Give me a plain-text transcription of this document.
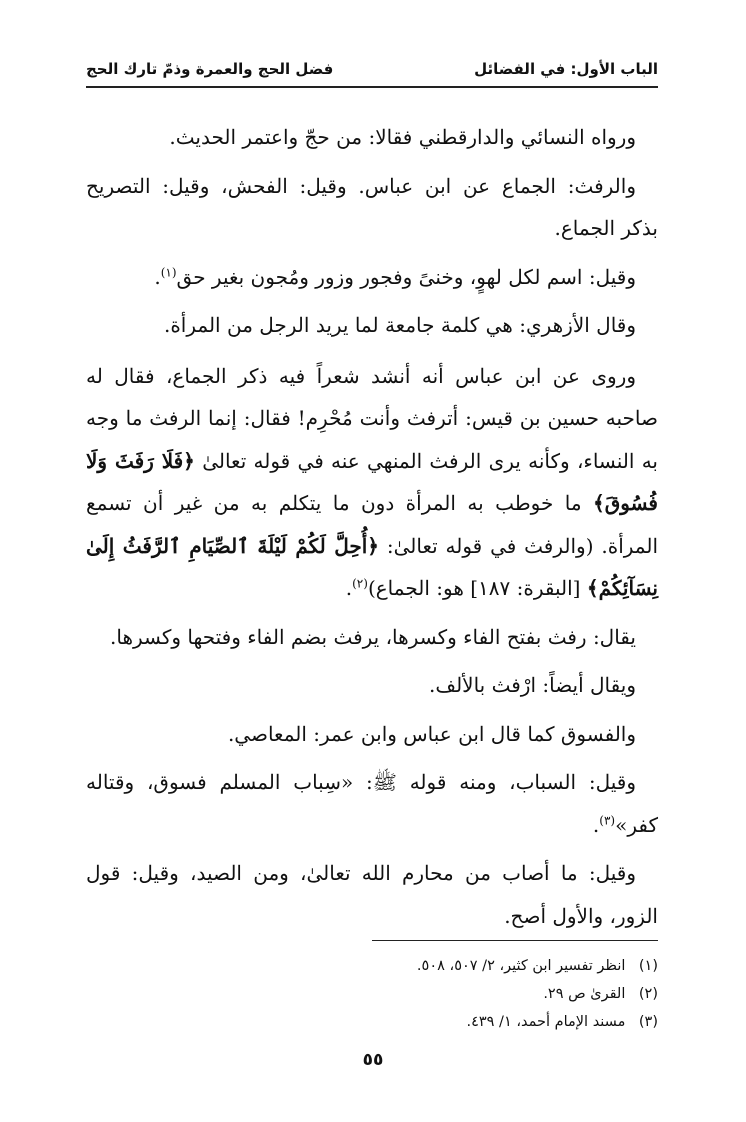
الباب الأول: في الفضائل
فضل الحج والعمرة وذمّ تارك الحج

ورواه النسائي والدارقطني فقالا: من حجّ واعتمر الحديث.

والرفث: الجماع عن ابن عباس. وقيل: الفحش، وقيل: التصريح بذكر الجماع.

وقيل: اسم لكل لهوٍ، وخنىً وفجور وزور ومُجون بغير حق$^{(١)}$.

وقال الأزهري: هي كلمة جامعة لما يريد الرجل من المرأة.

وروى عن ابن عباس أنه أنشد شعراً فيه ذكر الجماع، فقال له صاحبه حسين بن قيس: أترفث وأنت مُحْرِم! فقال: إنما الرفث ما وجه به النساء، وكأنه يرى الرفث المنهي عنه في قوله تعالىٰ ﴿فَلَا رَفَثَ وَلَا فُسُوقَ﴾ ما خوطب به المرأة دون ما يتكلم به من غير أن تسمع المرأة. (والرفث في قوله تعالىٰ: ﴿أُحِلَّ لَكُمْ لَيْلَةَ ٱلصِّيَامِ ٱلرَّفَثُ إِلَىٰ نِسَآئِكُمْ﴾ [البقرة: ١٨٧] هو: الجماع)$^{(٢)}$.

يقال: رفث بفتح الفاء وكسرها، يرفث بضم الفاء وفتحها وكسرها.

ويقال أيضاً: ارْفث بالألف.

والفسوق كما قال ابن عباس وابن عمر: المعاصي.

وقيل: السباب، ومنه قوله ﷺ: «سِباب المسلم فسوق، وقتاله كفر»$^{(٣)}$.

وقيل: ما أصاب من محارم الله تعالىٰ، ومن الصيد، وقيل: قول الزور، والأول أصح.

(١) انظر تفسير ابن كثير، ٢/ ٥٠٧، ٥٠٨.
(٢) القرىٰ ص ٢٩.
(٣) مسند الإمام أحمد، ١/ ٤٣٩.
٥٥
